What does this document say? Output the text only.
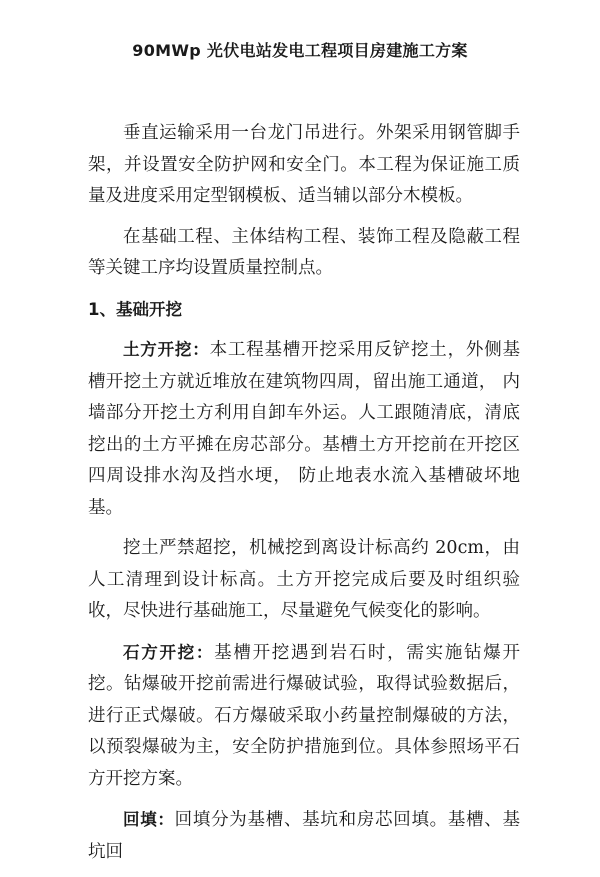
90MWp 光伏电站发电工程项目房建施工方案

垂直运输采用一台龙门吊进行。外架采用钢管脚手架，并设置安全防护网和安全门。本工程为保证施工质量及进度采用定型钢模板、适当辅以部分木模板。

在基础工程、主体结构工程、装饰工程及隐蔽工程等关键工序均设置质量控制点。

1、基础开挖

土方开挖：本工程基槽开挖采用反铲挖土，外侧基槽开挖土方就近堆放在建筑物四周，留出施工通道， 内墙部分开挖土方利用自卸车外运。人工跟随清底，清底挖出的土方平摊在房芯部分。基槽土方开挖前在开挖区四周设排水沟及挡水埂， 防止地表水流入基槽破坏地基。

挖土严禁超挖，机械挖到离设计标高约 20cm，由人工清理到设计标高。土方开挖完成后要及时组织验收，尽快进行基础施工，尽量避免气候变化的影响。

石方开挖：基槽开挖遇到岩石时，需实施钻爆开挖。钻爆破开挖前需进行爆破试验，取得试验数据后，进行正式爆破。石方爆破采取小药量控制爆破的方法，以预裂爆破为主，安全防护措施到位。具体参照场平石方开挖方案。

回填：回填分为基槽、基坑和房芯回填。基槽、基坑回
